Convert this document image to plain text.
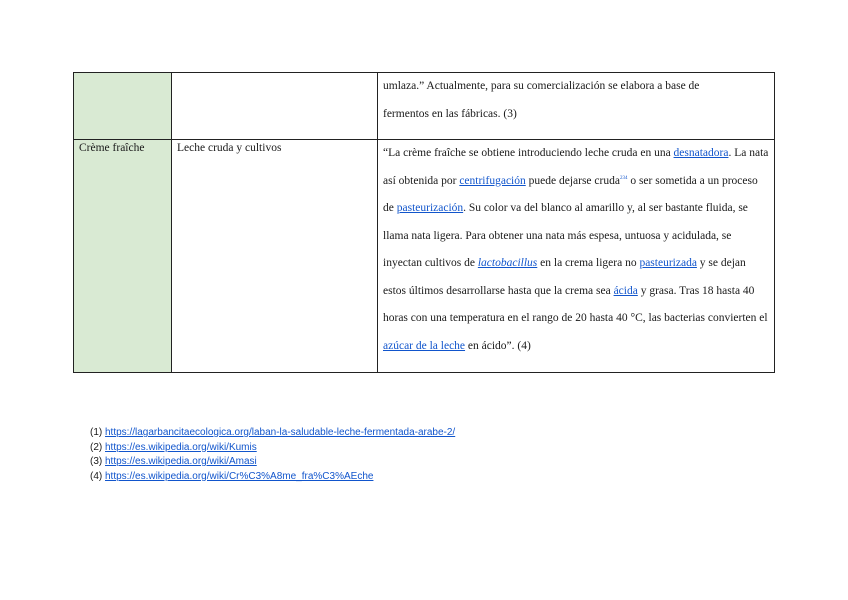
		umlaza.” Actualmente, para su comercialización se elabora a base de
fermentos en las fábricas. (3)

Crème fraîche	Leche cruda y cultivos	“La crème fraîche se obtiene introduciendo leche cruda en una desnatadora. La nata así obtenida por centrifugación puede dejarse cruda$^{234}$ o ser sometida a un proceso de pasteurización. Su color va del blanco al amarillo y, al ser bastante fluida, se llama nata ligera. Para obtener una nata más espesa, untuosa y acidulada, se inyectan cultivos de lactobacillus en la crema ligera no pasteurizada y se dejan estos últimos desarrollarse hasta que la crema sea ácida y grasa. Tras 18 hasta 40 horas con una temperatura en el rango de 20 hasta 40 °C, las bacterias convierten el azúcar de la leche en ácido”. (4)
(1) https://lagarbancitaecologica.org/laban-la-saludable-leche-fermentada-arabe-2/
(2) https://es.wikipedia.org/wiki/Kumis
(3) https://es.wikipedia.org/wiki/Amasi
(4) https://es.wikipedia.org/wiki/Cr%C3%A8me_fra%C3%AEche
